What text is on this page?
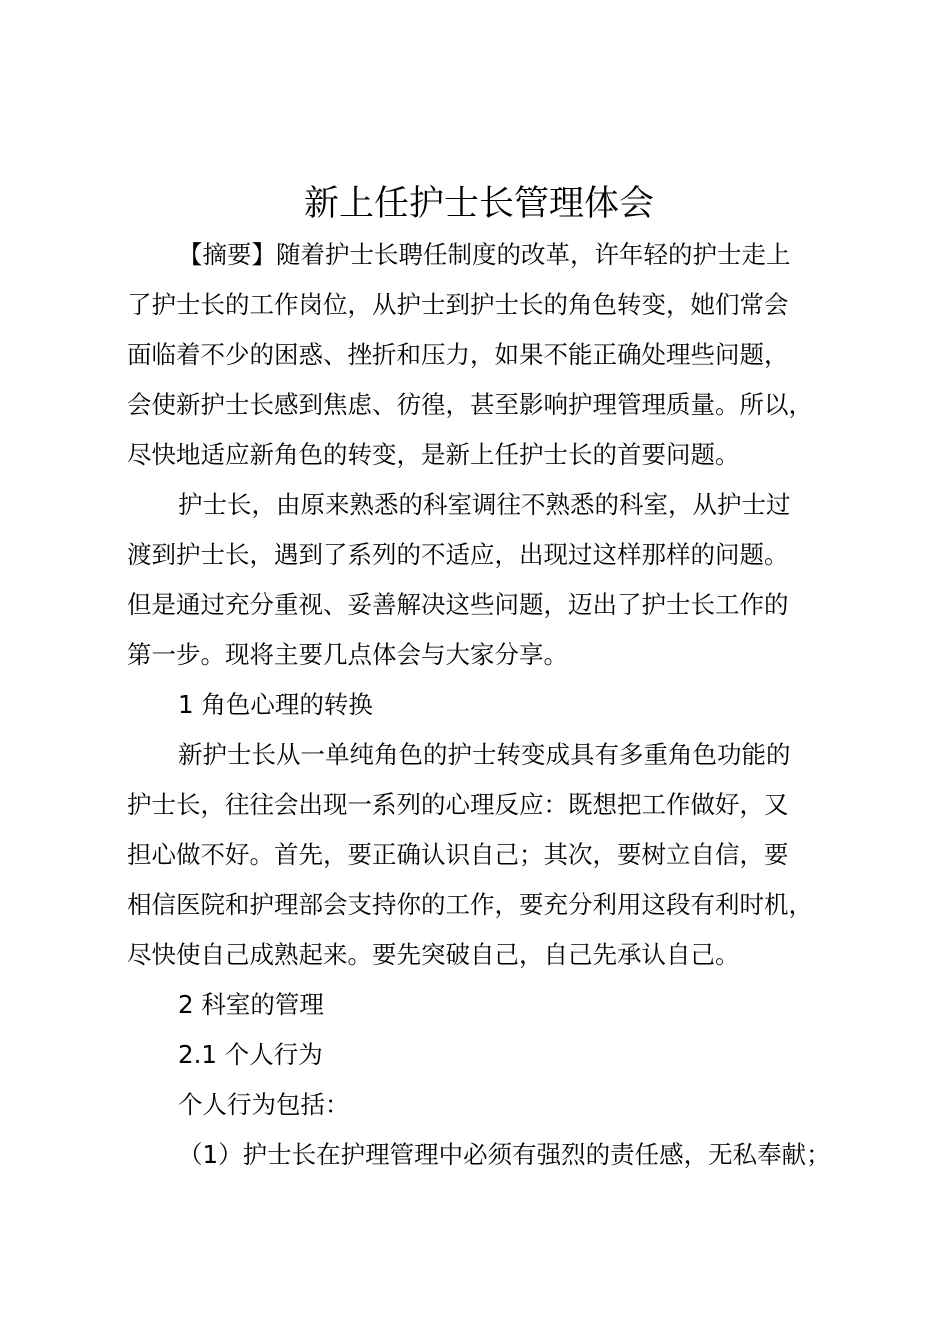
新上任护士长管理体会
【摘要】随着护士长聘任制度的改革，许年轻的护士走上
了护士长的工作岗位，从护士到护士长的角色转变，她们常会
面临着不少的困惑、挫折和压力，如果不能正确处理些问题，
会使新护士长感到焦虑、彷徨，甚至影响护理管理质量。所以，
尽快地适应新角色的转变，是新上任护士长的首要问题。
护士长，由原来熟悉的科室调往不熟悉的科室，从护士过
渡到护士长，遇到了系列的不适应，出现过这样那样的问题。
但是通过充分重视、妥善解决这些问题，迈出了护士长工作的
第一步。现将主要几点体会与大家分享。
1 角色心理的转换
新护士长从一单纯角色的护士转变成具有多重角色功能的
护士长，往往会出现一系列的心理反应：既想把工作做好，又
担心做不好。首先，要正确认识自己；其次，要树立自信，要
相信医院和护理部会支持你的工作，要充分利用这段有利时机，
尽快使自己成熟起来。要先突破自己，自己先承认自己。
2 科室的管理
2.1 个人行为
个人行为包括：
（1）护士长在护理管理中必须有强烈的责任感，无私奉献；
